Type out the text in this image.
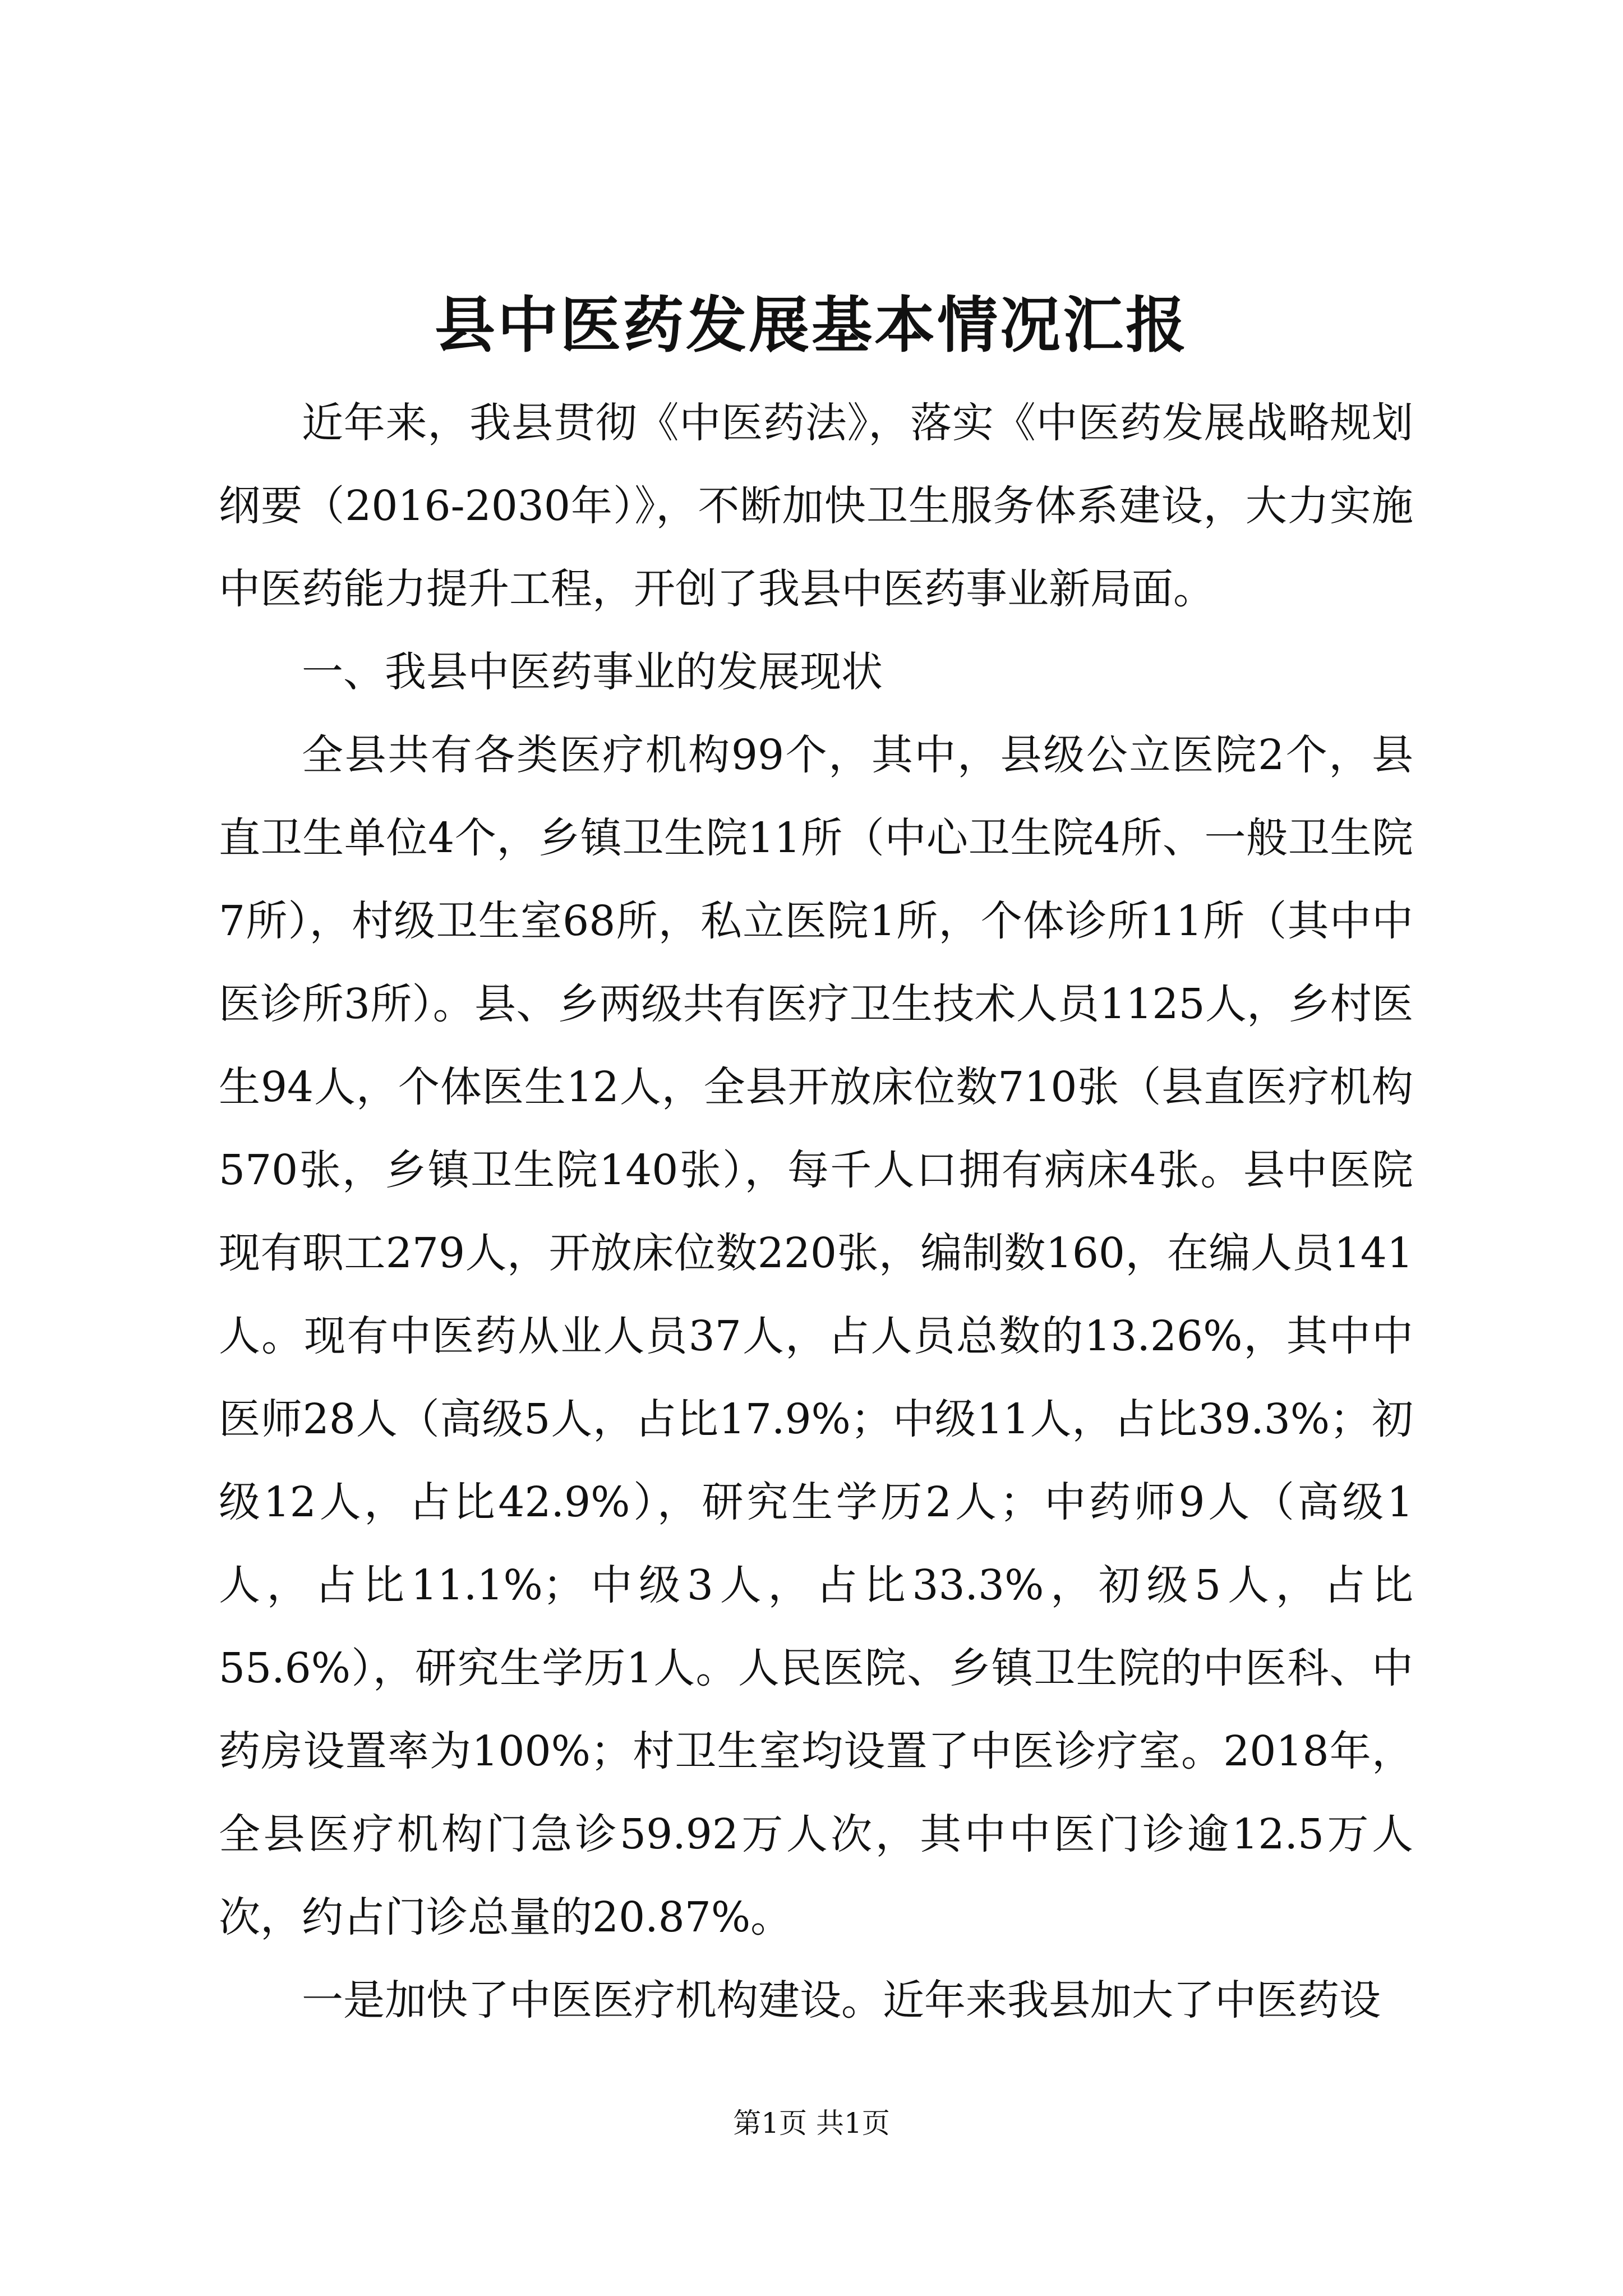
县中医药发展基本情况汇报

近年来，我县贯彻《中医药法》，落实《中医药发展战略规划纲要（2016-2030年）》，不断加快卫生服务体系建设，大力实施中医药能力提升工程，开创了我县中医药事业新局面。

一、我县中医药事业的发展现状

全县共有各类医疗机构99个，其中，县级公立医院2个，县直卫生单位4个，乡镇卫生院11所（中心卫生院4所、一般卫生院7所），村级卫生室68所，私立医院1所，个体诊所11所（其中中医诊所3所）。县、乡两级共有医疗卫生技术人员1125人，乡村医生94人，个体医生12人，全县开放床位数710张（县直医疗机构570张，乡镇卫生院140张），每千人口拥有病床4张。县中医院现有职工279人，开放床位数220张，编制数160，在编人员141人。现有中医药从业人员37人，占人员总数的13.26%，其中中医师28人（高级5人，占比17.9%；中级11人，占比39.3%；初级12人，占比42.9%），研究生学历2人；中药师9人（高级1人，占比11.1%；中级3人，占比33.3%，初级5人，占比55.6%），研究生学历1人。人民医院、乡镇卫生院的中医科、中药房设置率为100%；村卫生室均设置了中医诊疗室。2018年，全县医疗机构门急诊59.92万人次，其中中医门诊逾12.5万人次，约占门诊总量的20.87%。

一是加快了中医医疗机构建设。近年来我县加大了中医药设

第1页 共1页
